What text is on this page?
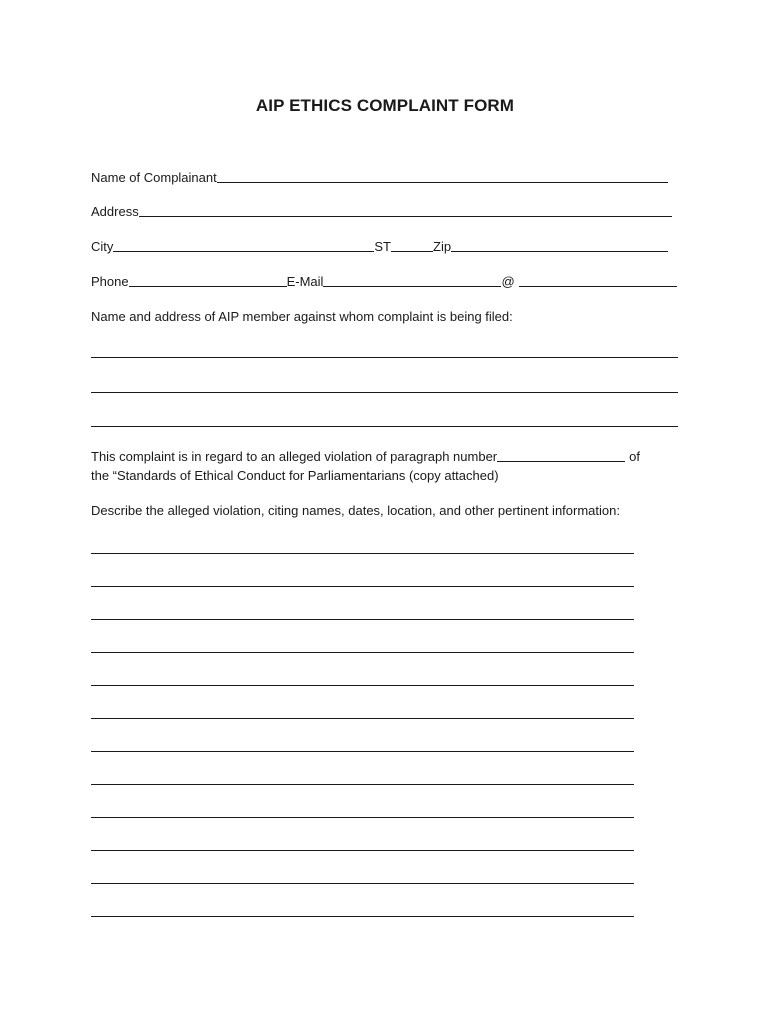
AIP ETHICS COMPLAINT FORM
Name of Complainant
Address
City	ST	Zip
Phone	E-Mail	@
Name and address of AIP member against whom complaint is being filed:
This complaint is in regard to an alleged violation of paragraph number	of
the “Standards of Ethical Conduct for Parliamentarians (copy attached)
Describe the alleged violation, citing names, dates, location, and other pertinent information:
